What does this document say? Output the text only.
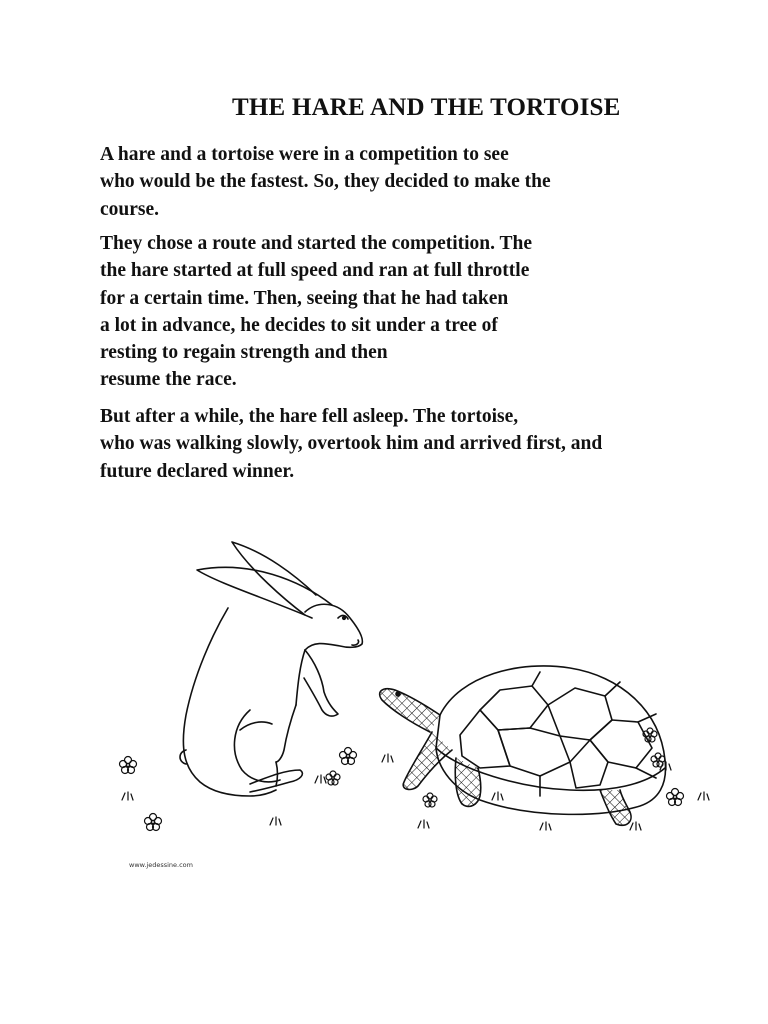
THE HARE AND THE TORTOISE

A hare and a tortoise were in a competition to see
who would be the fastest. So, they decided to make the
course.

They chose a route and started the competition. The
the hare started at full speed and ran at full throttle
for a certain time. Then, seeing that he had taken
a lot in advance, he decides to sit under a tree of
resting to regain strength and then
resume the race.

But after a while, the hare fell asleep. The tortoise,
who was walking slowly, overtook him and arrived first, and
future declared winner.

www.jedessine.com
